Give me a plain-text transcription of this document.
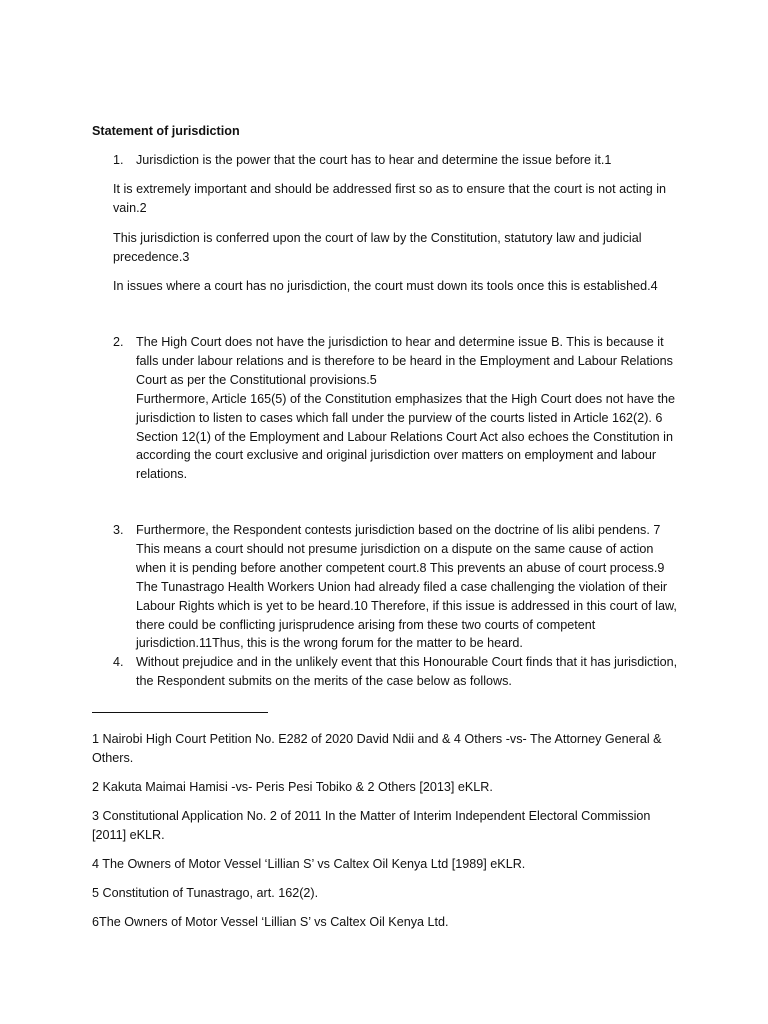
Statement of jurisdiction
1. Jurisdiction is the power that the court has to hear and determine the issue before it.1

It is extremely important and should be addressed first so as to ensure that the court is not acting in vain.2

This jurisdiction is conferred upon the court of law by the Constitution, statutory law and judicial precedence.3

In issues where a court has no jurisdiction, the court must down its tools once this is established.4

2. The High Court does not have the jurisdiction to hear and determine issue B. This is because it falls under labour relations and is therefore to be heard in the Employment and Labour Relations Court as per the Constitutional provisions.5

Furthermore, Article 165(5) of the Constitution emphasizes that the High Court does not have the jurisdiction to listen to cases which fall under the purview of the courts listed in Article 162(2). 6

Section 12(1) of the Employment and Labour Relations Court Act also echoes the Constitution in according the court exclusive and original jurisdiction over matters on employment and labour relations.

3. Furthermore, the Respondent contests jurisdiction based on the doctrine of lis alibi pendens. 7 This means a court should not presume jurisdiction on a dispute on the same cause of action when it is pending before another competent court.8 This prevents an abuse of court process.9 The Tunastrago Health Workers Union had already filed a case challenging the violation of their Labour Rights which is yet to be heard.10 Therefore, if this issue is addressed in this court of law, there could be conflicting jurisprudence arising from these two courts of competent jurisdiction.11Thus, this is the wrong forum for the matter to be heard.

4. Without prejudice and in the unlikely event that this Honourable Court finds that it has jurisdiction, the Respondent submits on the merits of the case below as follows.

1 Nairobi High Court Petition No. E282 of 2020 David Ndii and & 4 Others -vs- The Attorney General & Others.

2 Kakuta Maimai Hamisi -vs- Peris Pesi Tobiko & 2 Others [2013] eKLR.

3 Constitutional Application No. 2 of 2011 In the Matter of Interim Independent Electoral Commission [2011] eKLR.

4 The Owners of Motor Vessel ‘Lillian S’ vs Caltex Oil Kenya Ltd [1989] eKLR.

5 Constitution of Tunastrago, art. 162(2).

6The Owners of Motor Vessel ‘Lillian S’ vs Caltex Oil Kenya Ltd.
